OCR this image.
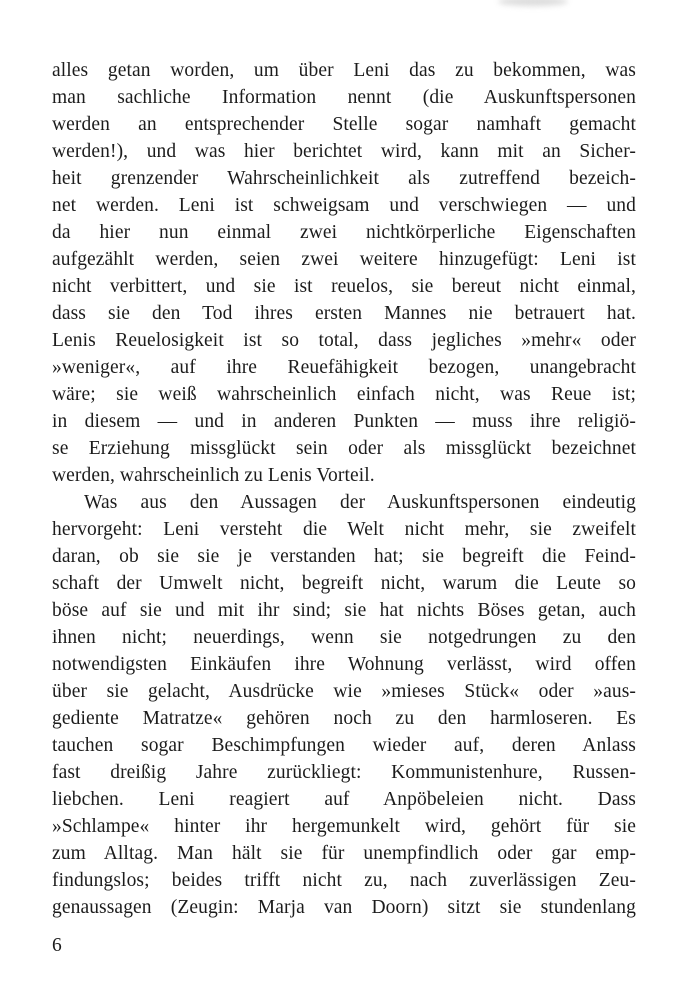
alles getan worden, um über Leni das zu bekommen, was
man sachliche Information nennt (die Auskunftspersonen
werden an entsprechender Stelle sogar namhaft gemacht
werden!), und was hier berichtet wird, kann mit an Sicher-
heit grenzender Wahrscheinlichkeit als zutreffend bezeich-
net werden. Leni ist schweigsam und verschwiegen — und
da hier nun einmal zwei nichtkörperliche Eigenschaften
aufgezählt werden, seien zwei weitere hinzugefügt: Leni ist
nicht verbittert, und sie ist reuelos, sie bereut nicht einmal,
dass sie den Tod ihres ersten Mannes nie betrauert hat.
Lenis Reuelosigkeit ist so total, dass jegliches »mehr« oder
»weniger«, auf ihre Reuefähigkeit bezogen, unangebracht
wäre; sie weiß wahrscheinlich einfach nicht, was Reue ist;
in diesem — und in anderen Punkten — muss ihre religiö-
se Erziehung missglückt sein oder als missglückt bezeichnet
werden, wahrscheinlich zu Lenis Vorteil.
Was aus den Aussagen der Auskunftspersonen eindeutig
hervorgeht: Leni versteht die Welt nicht mehr, sie zweifelt
daran, ob sie sie je verstanden hat; sie begreift die Feind-
schaft der Umwelt nicht, begreift nicht, warum die Leute so
böse auf sie und mit ihr sind; sie hat nichts Böses getan, auch
ihnen nicht; neuerdings, wenn sie notgedrungen zu den
notwendigsten Einkäufen ihre Wohnung verlässt, wird offen
über sie gelacht, Ausdrücke wie »mieses Stück« oder »aus-
gediente Matratze« gehören noch zu den harmloseren. Es
tauchen sogar Beschimpfungen wieder auf, deren Anlass
fast dreißig Jahre zurückliegt: Kommunistenhure, Russen-
liebchen. Leni reagiert auf Anpöbeleien nicht. Dass
»Schlampe« hinter ihr hergemunkelt wird, gehört für sie
zum Alltag. Man hält sie für unempfindlich oder gar emp-
findungslos; beides trifft nicht zu, nach zuverlässigen Zeu-
genaussagen (Zeugin: Marja van Doorn) sitzt sie stundenlang
6
